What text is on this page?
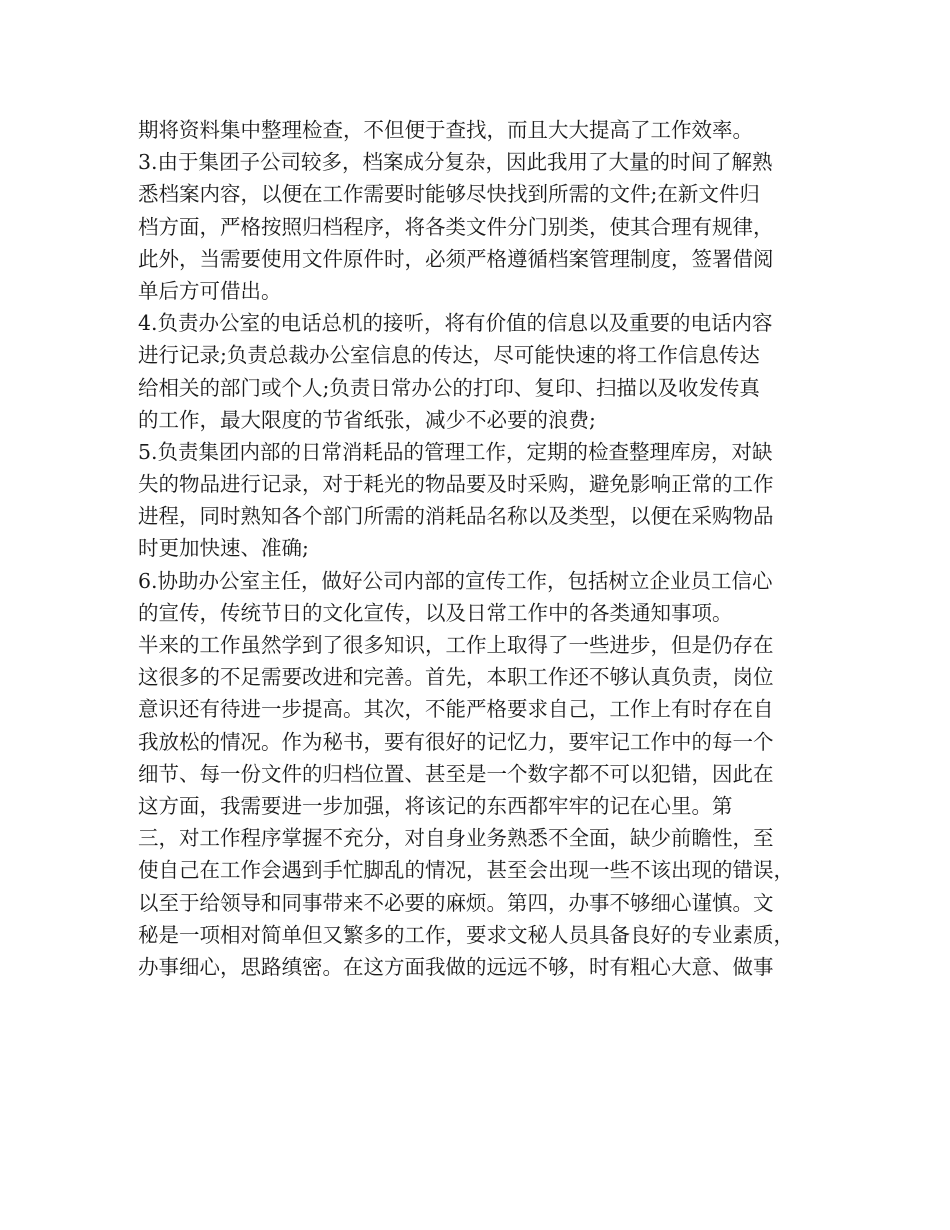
期将资料集中整理检查，不但便于查找，而且大大提高了工作效率。
3.由于集团子公司较多，档案成分复杂，因此我用了大量的时间了解熟
悉档案内容，以便在工作需要时能够尽快找到所需的文件;在新文件归
档方面，严格按照归档程序，将各类文件分门别类，使其合理有规律，
此外，当需要使用文件原件时，必须严格遵循档案管理制度，签署借阅
单后方可借出。
4.负责办公室的电话总机的接听，将有价值的信息以及重要的电话内容
进行记录;负责总裁办公室信息的传达，尽可能快速的将工作信息传达
给相关的部门或个人;负责日常办公的打印、复印、扫描以及收发传真
的工作，最大限度的节省纸张，减少不必要的浪费;
5.负责集团内部的日常消耗品的管理工作，定期的检查整理库房，对缺
失的物品进行记录，对于耗光的物品要及时采购，避免影响正常的工作
进程，同时熟知各个部门所需的消耗品名称以及类型，以便在采购物品
时更加快速、准确;
6.协助办公室主任，做好公司内部的宣传工作，包括树立企业员工信心
的宣传，传统节日的文化宣传，以及日常工作中的各类通知事项。
半来的工作虽然学到了很多知识，工作上取得了一些进步，但是仍存在
这很多的不足需要改进和完善。首先，本职工作还不够认真负责，岗位
意识还有待进一步提高。其次，不能严格要求自己，工作上有时存在自
我放松的情况。作为秘书，要有很好的记忆力，要牢记工作中的每一个
细节、每一份文件的归档位置、甚至是一个数字都不可以犯错，因此在
这方面，我需要进一步加强，将该记的东西都牢牢的记在心里。第
三，对工作程序掌握不充分，对自身业务熟悉不全面，缺少前瞻性，至
使自己在工作会遇到手忙脚乱的情况，甚至会出现一些不该出现的错误，
以至于给领导和同事带来不必要的麻烦。第四，办事不够细心谨慎。文
秘是一项相对简单但又繁多的工作，要求文秘人员具备良好的专业素质，
办事细心，思路缜密。在这方面我做的远远不够，时有粗心大意、做事
